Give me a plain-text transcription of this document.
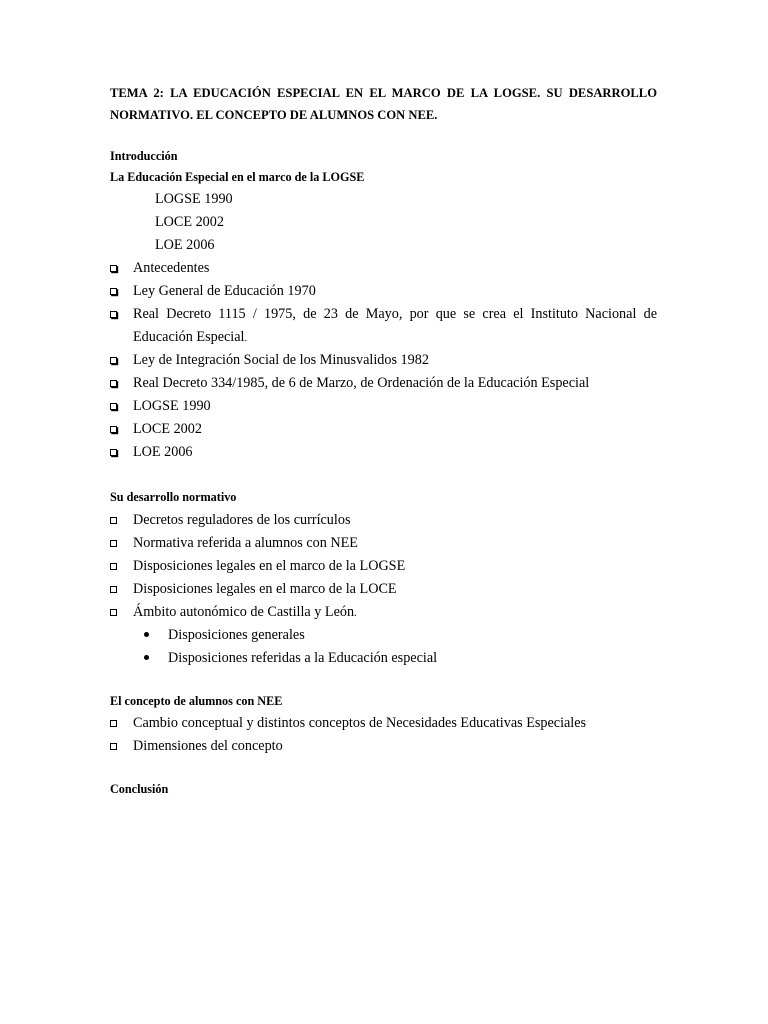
TEMA 2: LA EDUCACIÓN ESPECIAL EN EL MARCO DE LA LOGSE. SU DESARROLLO NORMATIVO. EL CONCEPTO DE ALUMNOS CON NEE.
Introducción
La Educación Especial en el marco de la LOGSE
LOGSE 1990
LOCE 2002
LOE 2006
Antecedentes
Ley General de Educación 1970
Real Decreto 1115 / 1975, de 23 de Mayo, por que se crea el Instituto Nacional de Educación Especial.
Ley de Integración Social de los Minusvalidos 1982
Real Decreto 334/1985, de 6 de Marzo, de Ordenación de la Educación Especial
LOGSE 1990
LOCE 2002
LOE 2006
Su desarrollo normativo
Decretos reguladores de los currículos
Normativa referida a alumnos con NEE
Disposiciones legales en el marco de la LOGSE
Disposiciones legales en el marco de la LOCE
Ámbito autonómico de Castilla y León.
Disposiciones generales
Disposiciones referidas a la Educación especial
El concepto de alumnos con NEE
Cambio conceptual y distintos conceptos de Necesidades Educativas Especiales
Dimensiones del concepto
Conclusión
